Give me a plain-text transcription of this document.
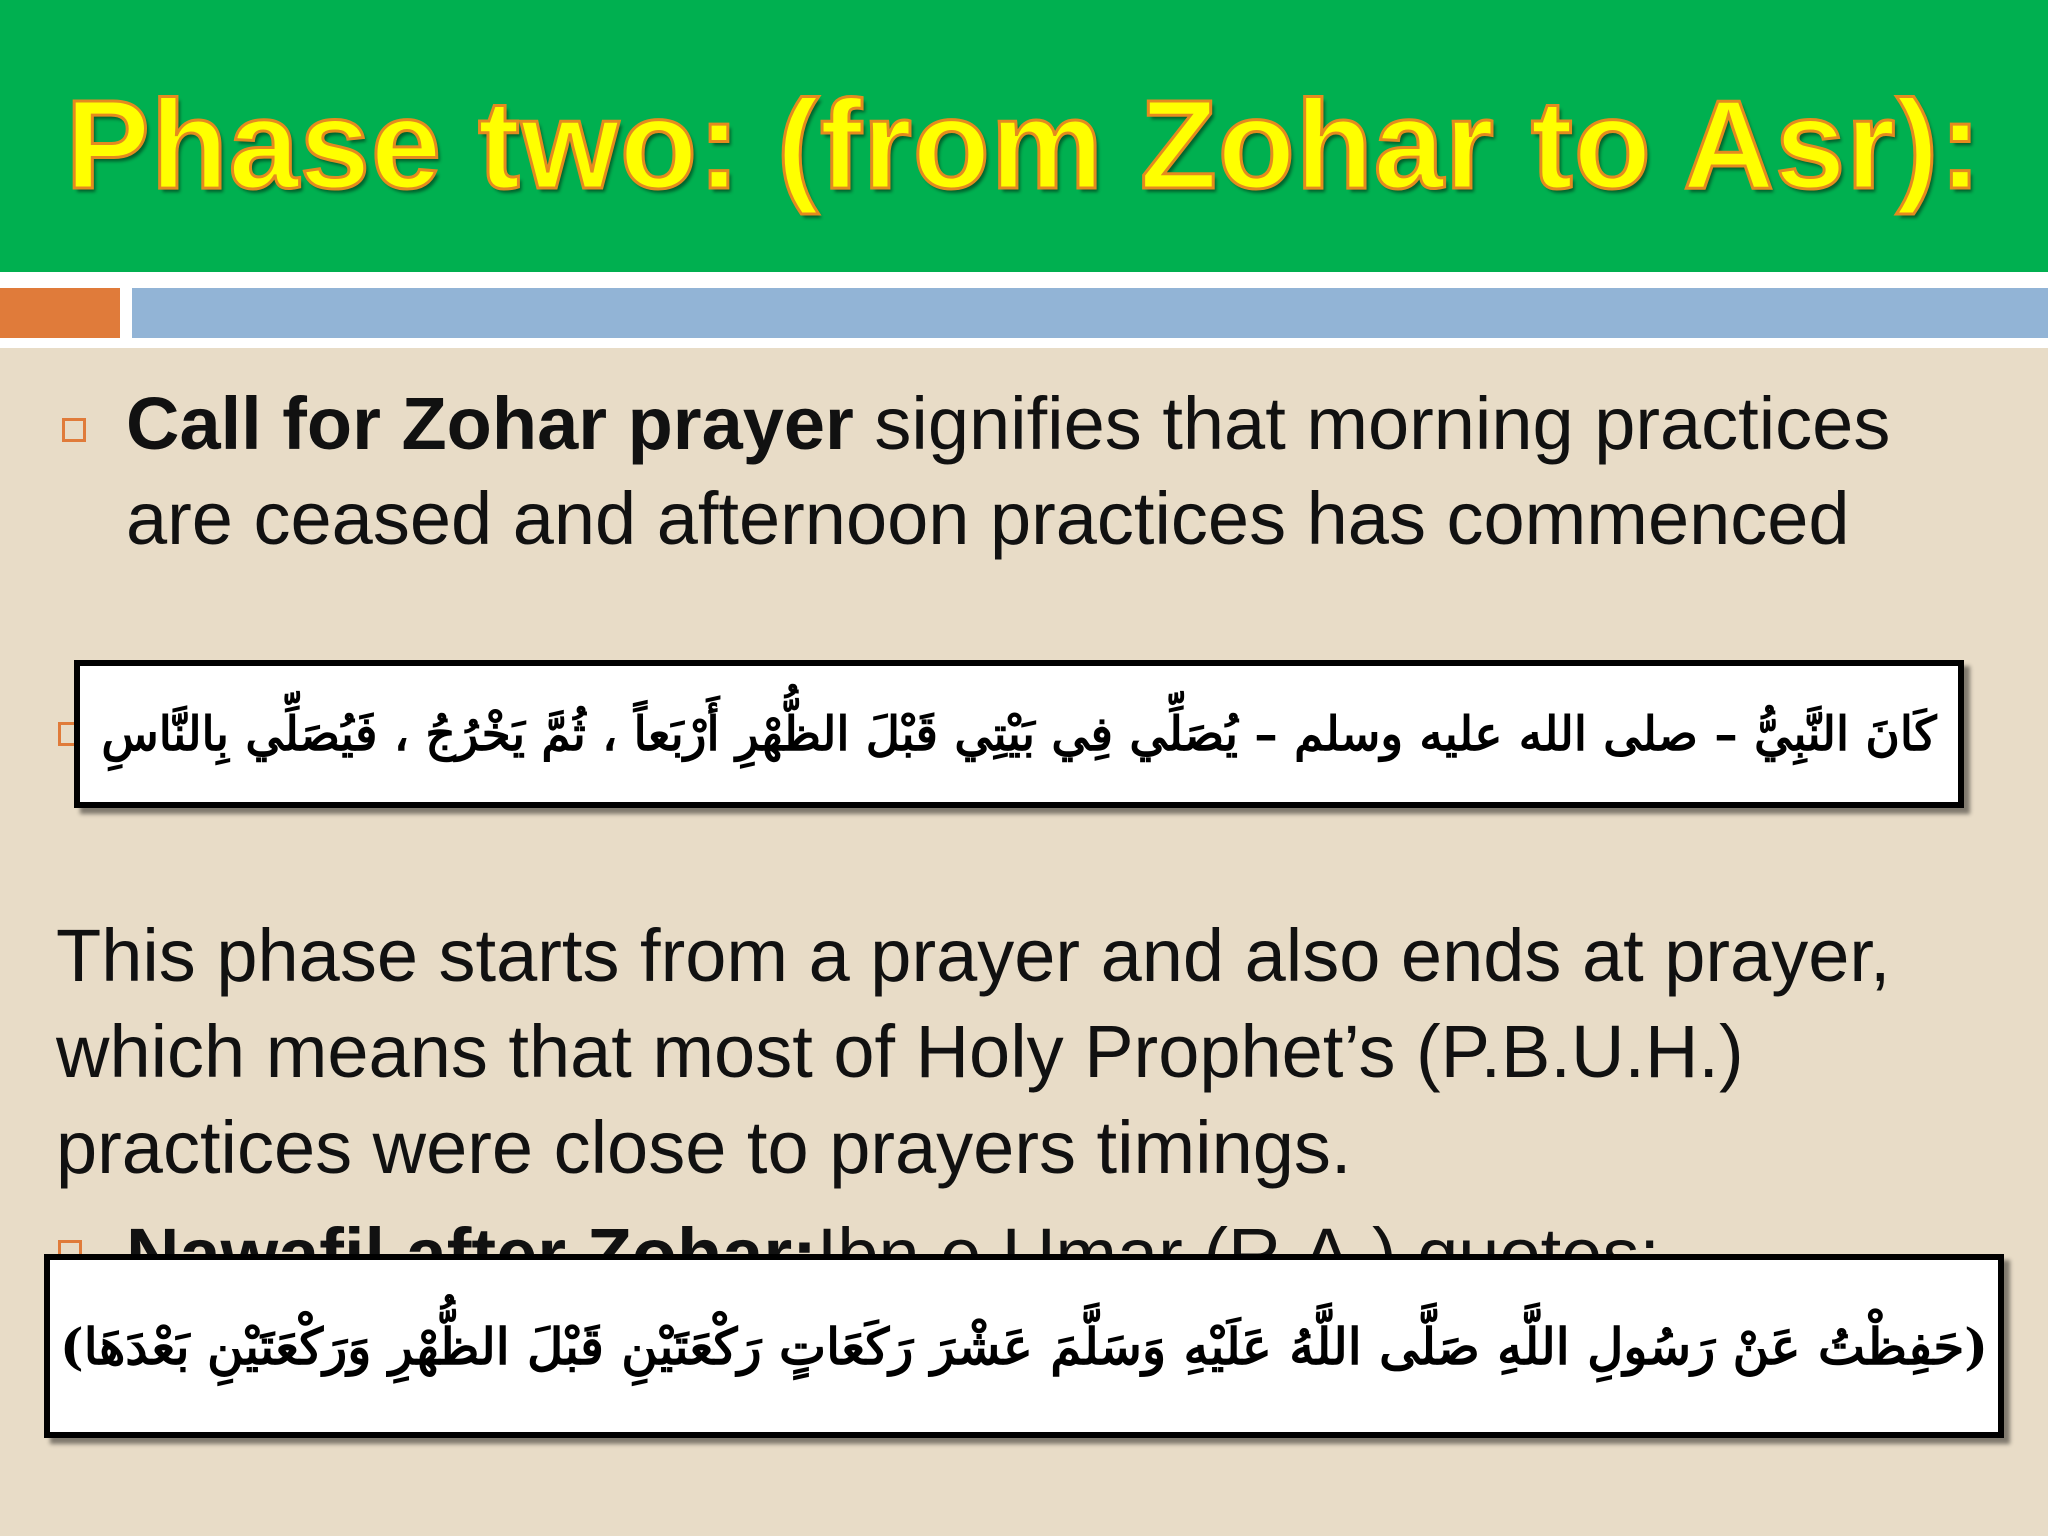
Phase two: (from Zohar to Asr):

Call for Zohar prayer signifies that morning practices are ceased and afternoon practices has commenced

كَانَ النَّبِيُّ – صلى الله عليه وسلم – يُصَلِّي فِي بَيْتِي قَبْلَ الظُّهْرِ أَرْبَعاً ، ثُمَّ يَخْرُجُ ، فَيُصَلِّي بِالنَّاسِ

This phase starts from a prayer and also ends at prayer, which means that most of Holy Prophet’s (P.B.U.H.) practices were close to prayers timings.

(حَفِظْتُ عَنْ رَسُولِ اللَّهِ صَلَّى اللَّهُ عَلَيْهِ وَسَلَّمَ عَشْرَ رَكَعَاتٍ رَكْعَتَيْنِ قَبْلَ الظُّهْرِ وَرَكْعَتَيْنِ بَعْدَهَا)
